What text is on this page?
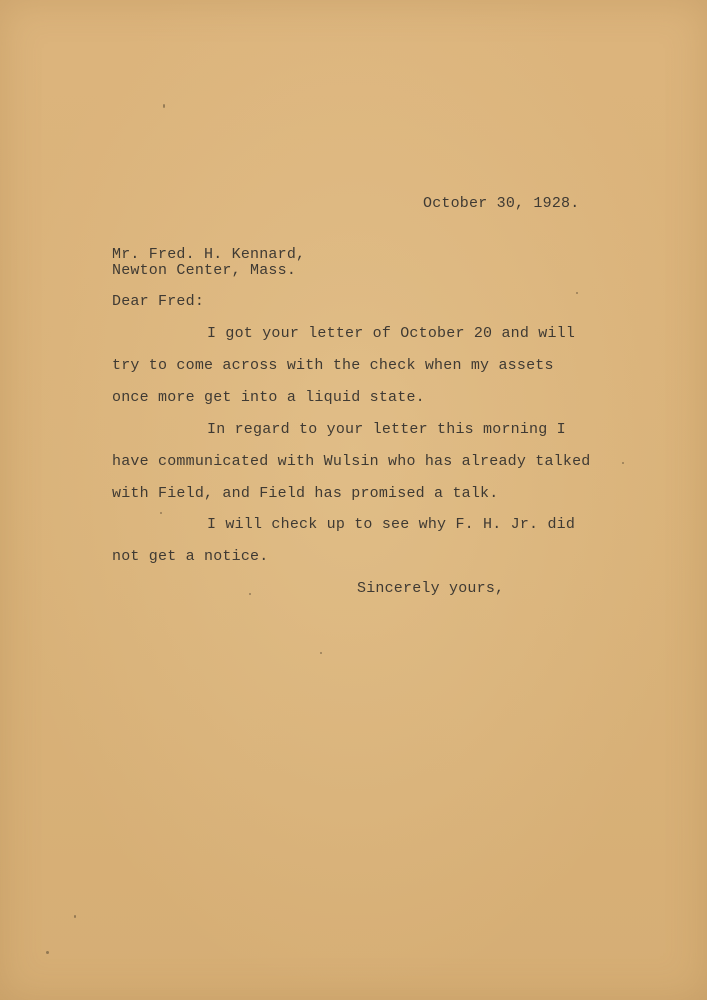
October 30, 1928.
Mr. Fred. H. Kennard,
Newton Center, Mass.
Dear Fred:
I got your letter of October 20 and will
try to come across with the check when my assets
once more get into a liquid state.
In regard to your letter this morning I
have communicated with Wulsin who has already talked
with Field, and Field has promised a talk.
I will check up to see why F. H. Jr. did
not get a notice.
Sincerely yours,
